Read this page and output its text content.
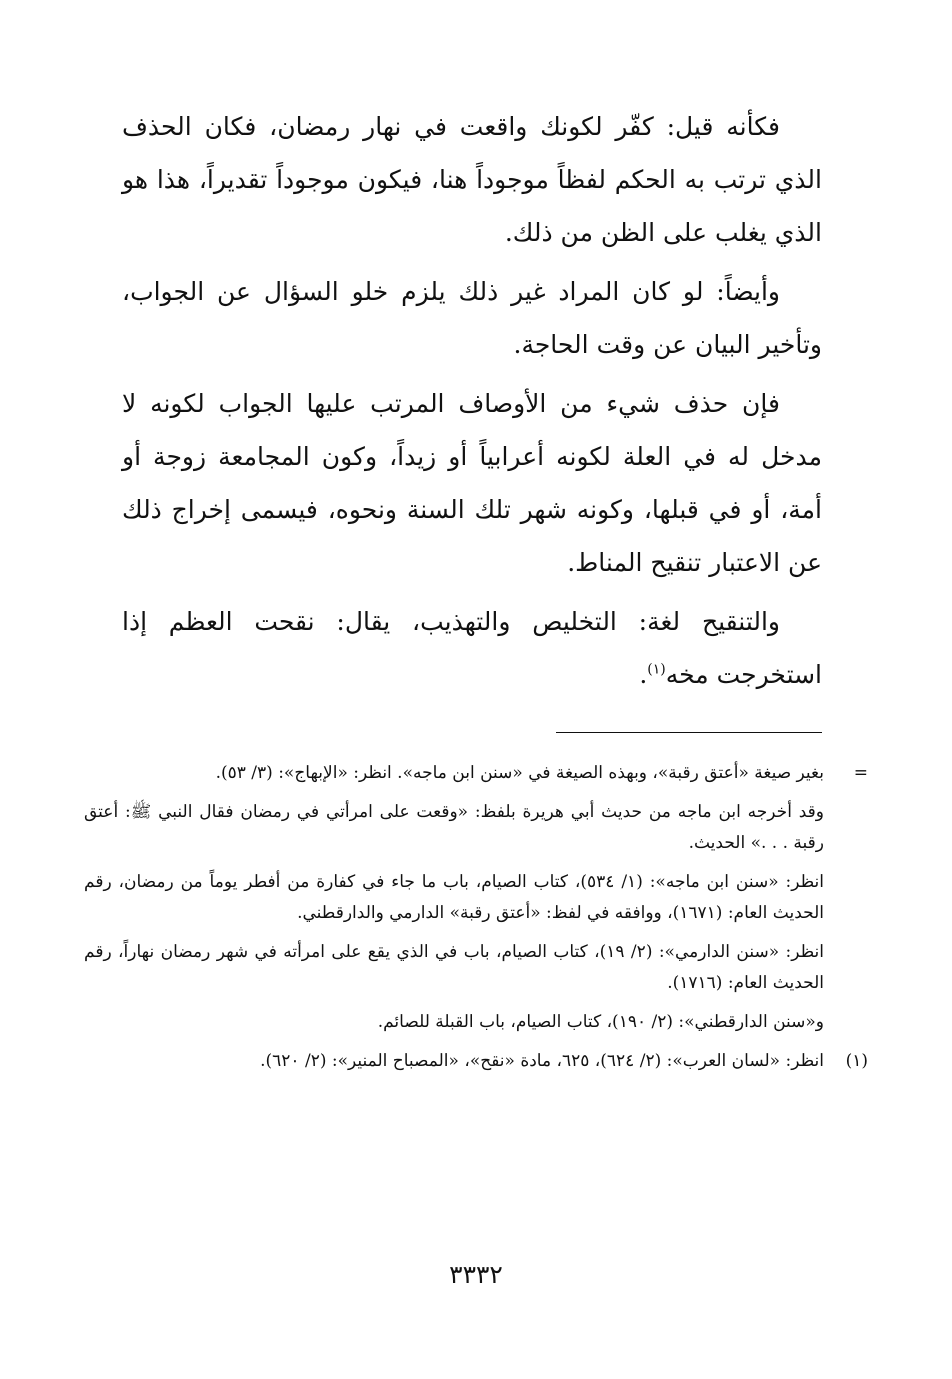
فكأنه قيل: كفّر لكونك واقعت في نهار رمضان، فكان الحذف الذي ترتب به الحكم لفظاً موجوداً هنا، فيكون موجوداً تقديراً، هذا هو الذي يغلب على الظن من ذلك.

وأيضاً: لو كان المراد غير ذلك يلزم خلو السؤال عن الجواب، وتأخير البيان عن وقت الحاجة.

فإن حذف شيء من الأوصاف المرتب عليها الجواب لكونه لا مدخل له في العلة لكونه أعرابياً أو زيداً، وكون المجامعة زوجة أو أمة، أو في قبلها، وكونه شهر تلك السنة ونحوه، فيسمى إخراج ذلك عن الاعتبار تنقيح المناط.

والتنقيح لغة: التخليص والتهذيب، يقال: نقحت العظم إذا استخرجت مخه$^{(١)}$.

=
بغير صيغة «أعتق رقبة»، وبهذه الصيغة في «سنن ابن ماجه». انظر: «الإبهاج»: (٣/ ٥٣).
وقد أخرجه ابن ماجه من حديث أبي هريرة بلفظ: «وقعت على امرأتي في رمضان فقال النبي ﷺ: أعتق رقبة . . .» الحديث.
انظر: «سنن ابن ماجه»: (١/ ٥٣٤)، كتاب الصيام، باب ما جاء في كفارة من أفطر يوماً من رمضان، رقم الحديث العام: (١٦٧١)، ووافقه في لفظ: «أعتق رقبة» الدارمي والدارقطني.
انظر: «سنن الدارمي»: (٢/ ١٩)، كتاب الصيام، باب في الذي يقع على امرأته في شهر رمضان نهاراً، رقم الحديث العام: (١٧١٦).
و«سنن الدارقطني»: (٢/ ١٩٠)، كتاب الصيام، باب القبلة للصائم.
(١)
انظر: «لسان العرب»: (٢/ ٦٢٤)، ٦٢٥، مادة «نقح»، «المصباح المنير»: (٢/ ٦٢٠).
٣٣٣٢
